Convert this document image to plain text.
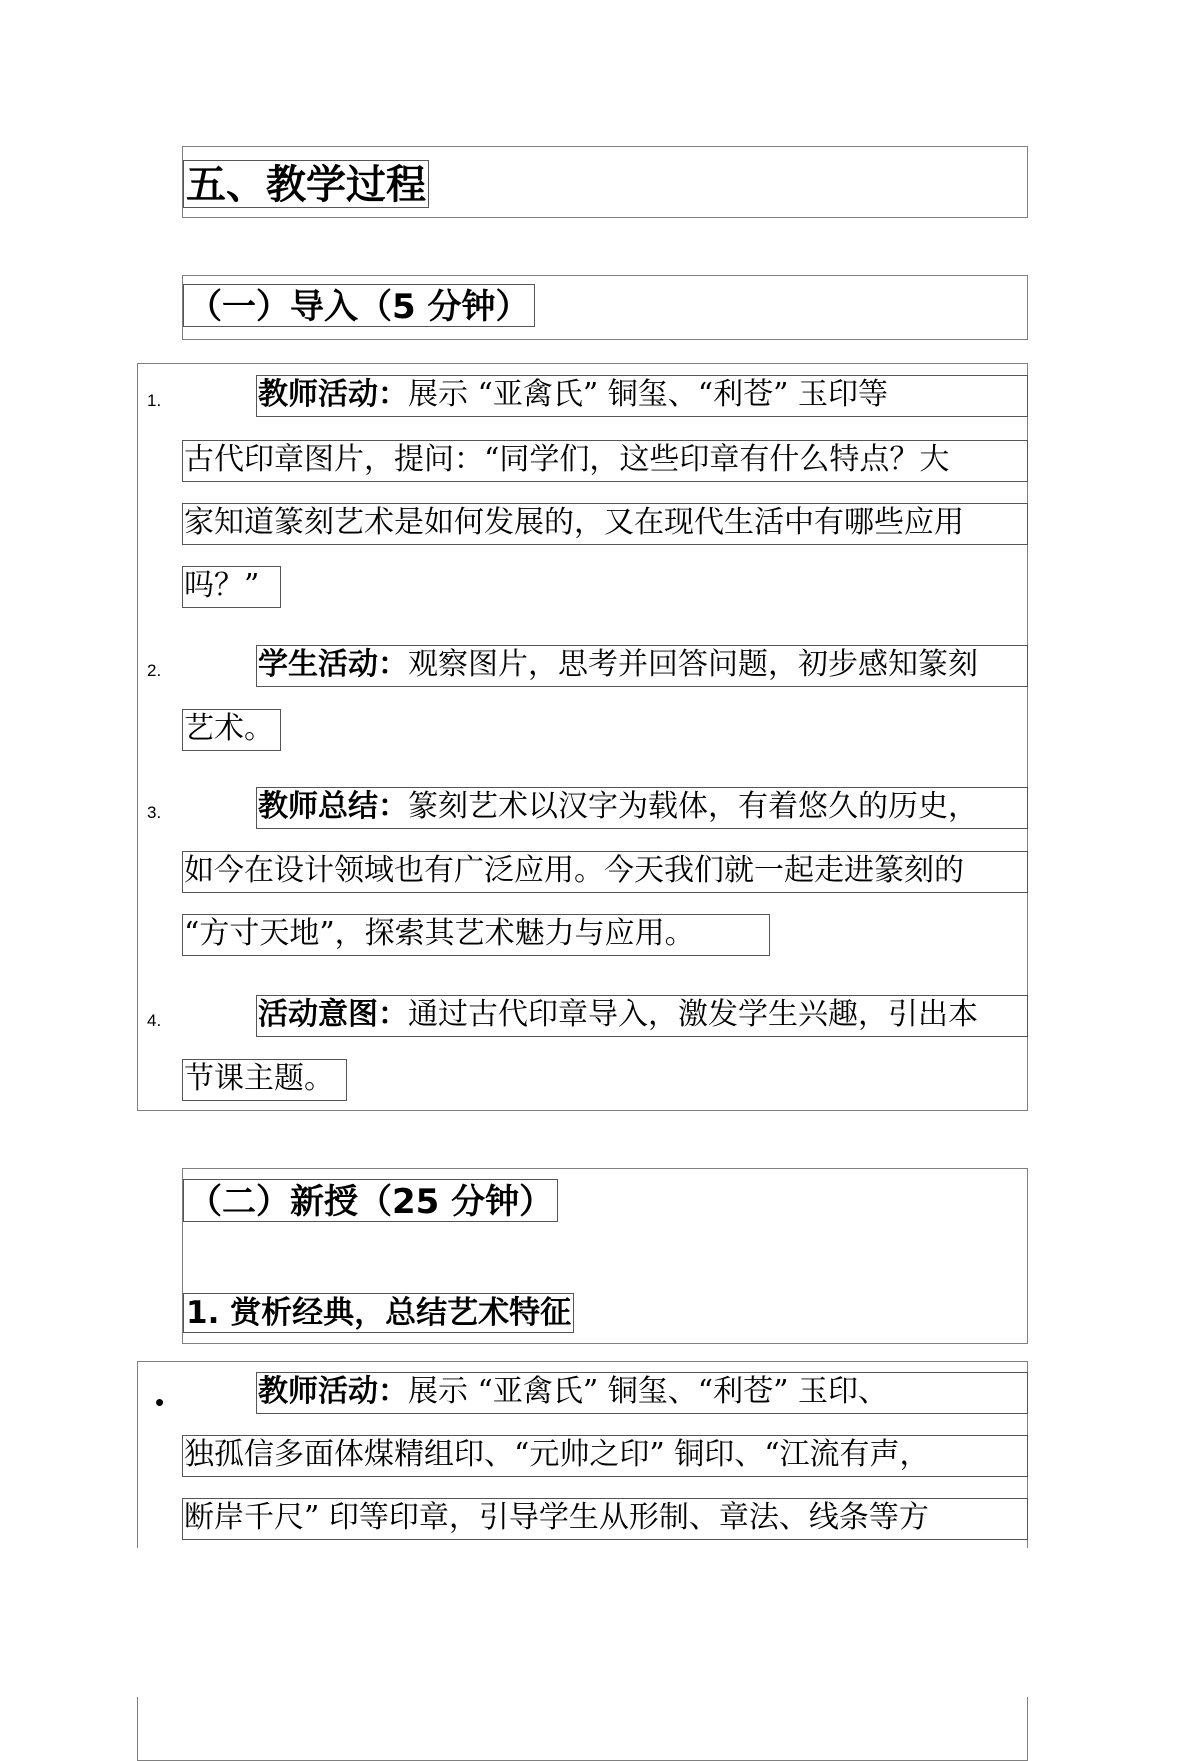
五、教学过程
（一）导入（5 分钟）
1.	教师活动：展示 “亚禽氏” 铜玺、“利苍” 玉印等
古代印章图片，提问：“同学们，这些印章有什么特点？大
家知道篆刻艺术是如何发展的，又在现代生活中有哪些应用
吗？”
2.	学生活动：观察图片，思考并回答问题，初步感知篆刻
艺术。
3.	教师总结：篆刻艺术以汉字为载体，有着悠久的历史，
如今在设计领域也有广泛应用。今天我们就一起走进篆刻的
“方寸天地”，探索其艺术魅力与应用。
4.	活动意图：通过古代印章导入，激发学生兴趣，引出本
节课主题。
（二）新授（25 分钟）
1. 赏析经典，总结艺术特征
•	教师活动：展示 “亚禽氏” 铜玺、“利苍” 玉印、
独孤信多面体煤精组印、“元帅之印” 铜印、“江流有声，
断岸千尺” 印等印章，引导学生从形制、章法、线条等方
